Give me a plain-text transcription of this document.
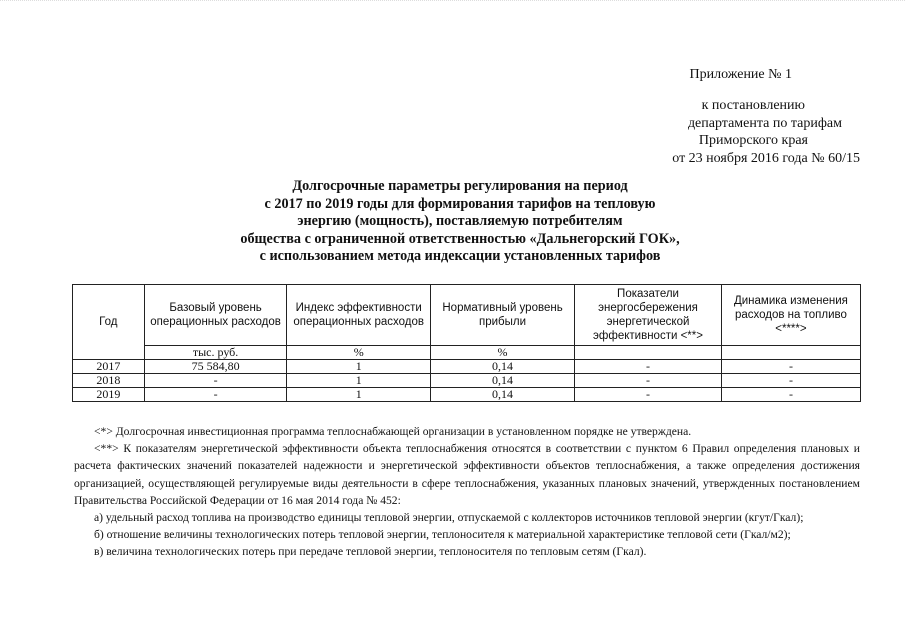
Приложение № 1
к постановлению
департамента по тарифам
Приморского края
от 23 ноября 2016 года № 60/15
Долгосрочные параметры регулирования на период
с 2017 по 2019 годы для формирования тарифов на тепловую
энергию (мощность), поставляемую потребителям
общества с ограниченной ответственностью «Дальнегорский ГОК»,
с использованием метода индексации установленных тарифов
Год	Базовый уровень операционных расходов	Индекс эффективности операционных расходов	Нормативный уровень прибыли	Показатели энергосбережения энергетической эффективности <**>	Динамика изменения расходов на топливо <****>
	тыс. руб.	%	%		
2017	75 584,80	1	0,14	-	-
2018	-	1	0,14	-	-
2019	-	1	0,14	-	-

<*> Долгосрочная инвестиционная программа теплоснабжающей организации в установленном порядке не утверждена.

<**> К показателям энергетической эффективности объекта теплоснабжения относятся в соответствии с пунктом 6 Правил определения плановых и расчета фактических значений показателей надежности и энергетической эффективности объектов теплоснабжения, а также определения достижения организацией, осуществляющей регулируемые виды деятельности в сфере теплоснабжения, указанных плановых значений, утвержденных постановлением Правительства Российской Федерации от 16 мая 2014 года № 452:

а) удельный расход топлива на производство единицы тепловой энергии, отпускаемой с коллекторов источников тепловой энергии (кгут/Гкал);

б) отношение величины технологических потерь тепловой энергии, теплоносителя к материальной характеристике тепловой сети (Гкал/м2);

в) величина технологических потерь при передаче тепловой энергии, теплоносителя по тепловым сетям (Гкал).
